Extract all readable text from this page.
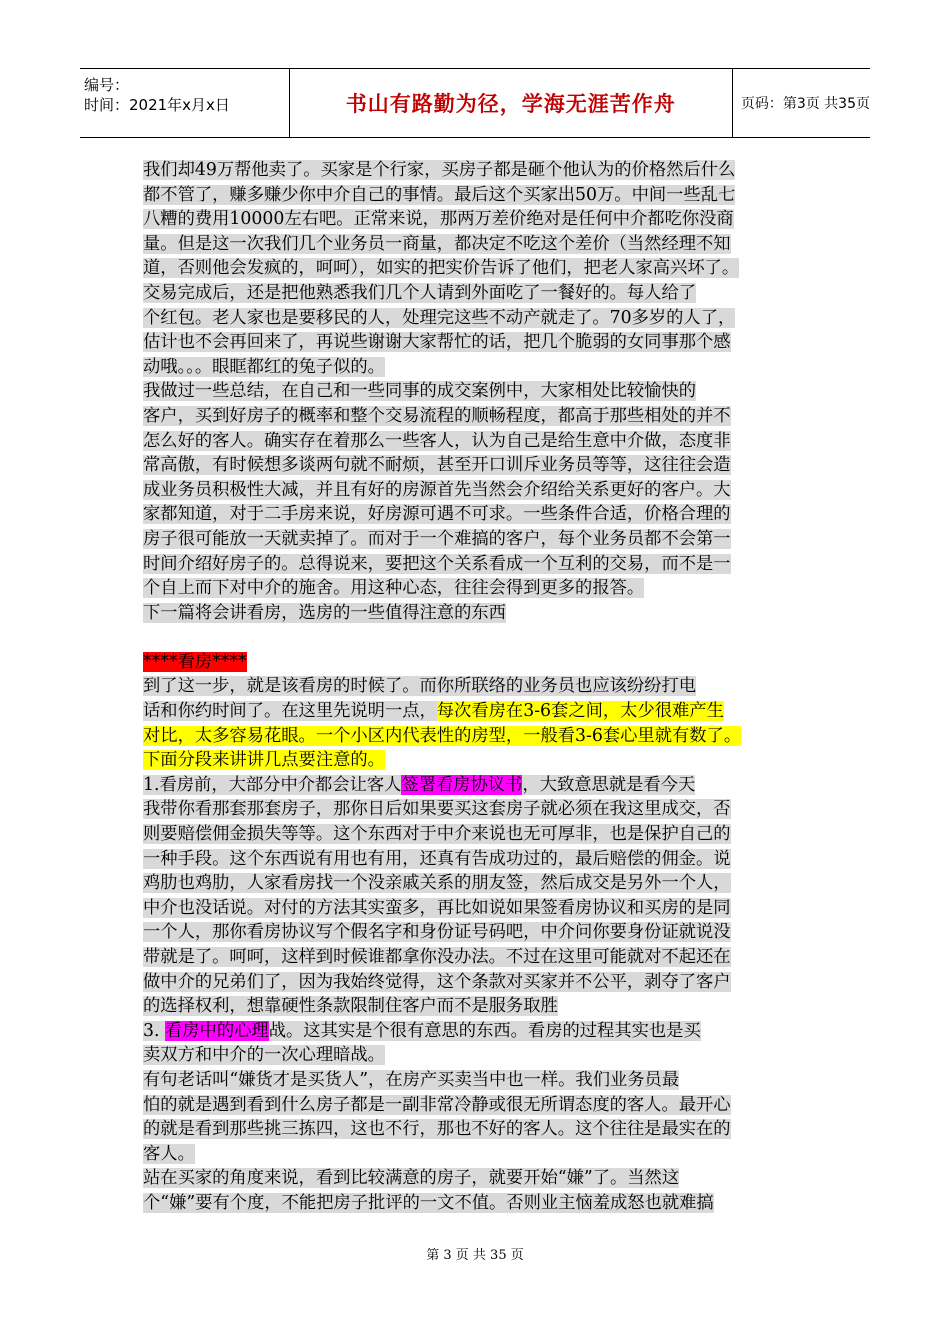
编号：
时间：2021年x月x日	书山有路勤为径，学海无涯苦作舟	页码：第3页 共35页
我们却49万帮他卖了。买家是个行家，买房子都是砸个他认为的价格然后什么
都不管了，赚多赚少你中介自己的事情。最后这个买家出50万。中间一些乱七
八糟的费用10000左右吧。正常来说，那两万差价绝对是任何中介都吃你没商
量。但是这一次我们几个业务员一商量，都决定不吃这个差价（当然经理不知
道，否则他会发疯的，呵呵），如实的把实价告诉了他们，把老人家高兴坏了。
交易完成后，还是把他熟悉我们几个人请到外面吃了一餐好的。每人给了
个红包。老人家也是要移民的人，处理完这些不动产就走了。70多岁的人了，
估计也不会再回来了，再说些谢谢大家帮忙的话，把几个脆弱的女同事那个感
动哦。。。眼眶都红的兔子似的。
我做过一些总结，在自己和一些同事的成交案例中，大家相处比较愉快的
客户，买到好房子的概率和整个交易流程的顺畅程度，都高于那些相处的并不
怎么好的客人。确实存在着那么一些客人，认为自己是给生意中介做，态度非
常高傲，有时候想多谈两句就不耐烦，甚至开口训斥业务员等等，这往往会造
成业务员积极性大减，并且有好的房源首先当然会介绍给关系更好的客户。大
家都知道，对于二手房来说，好房源可遇不可求。一些条件合适，价格合理的
房子很可能放一天就卖掉了。而对于一个难搞的客户，每个业务员都不会第一
时间介绍好房子的。总得说来，要把这个关系看成一个互利的交易，而不是一
个自上而下对中介的施舍。用这种心态，往往会得到更多的报答。
下一篇将会讲看房，选房的一些值得注意的东西
****看房****
到了这一步，就是该看房的时候了。而你所联络的业务员也应该纷纷打电
话和你约时间了。在这里先说明一点，每次看房在3-6套之间，太少很难产生
对比，太多容易花眼。一个小区内代表性的房型，一般看3-6套心里就有数了。
下面分段来讲讲几点要注意的。
1.看房前，大部分中介都会让客人签署看房协议书，大致意思就是看今天
我带你看那套那套房子，那你日后如果要买这套房子就必须在我这里成交，否
则要赔偿佣金损失等等。这个东西对于中介来说也无可厚非，也是保护自己的
一种手段。这个东西说有用也有用，还真有告成功过的，最后赔偿的佣金。说
鸡肋也鸡肋，人家看房找一个没亲戚关系的朋友签，然后成交是另外一个人，
中介也没话说。对付的方法其实蛮多，再比如说如果签看房协议和买房的是同
一个人，那你看房协议写个假名字和身份证号码吧，中介问你要身份证就说没
带就是了。呵呵，这样到时候谁都拿你没办法。不过在这里可能就对不起还在
做中介的兄弟们了，因为我始终觉得，这个条款对买家并不公平，剥夺了客户
的选择权利，想靠硬性条款限制住客户而不是服务取胜
3. 看房中的心理战。这其实是个很有意思的东西。看房的过程其实也是买
卖双方和中介的一次心理暗战。
有句老话叫“嫌货才是买货人”，在房产买卖当中也一样。我们业务员最
怕的就是遇到看到什么房子都是一副非常冷静或很无所谓态度的客人。最开心
的就是看到那些挑三拣四，这也不行，那也不好的客人。这个往往是最实在的
客人。
站在买家的角度来说，看到比较满意的房子，就要开始“嫌”了。当然这
个“嫌”要有个度，不能把房子批评的一文不值。否则业主恼羞成怒也就难搞
第 3 页 共 35 页
